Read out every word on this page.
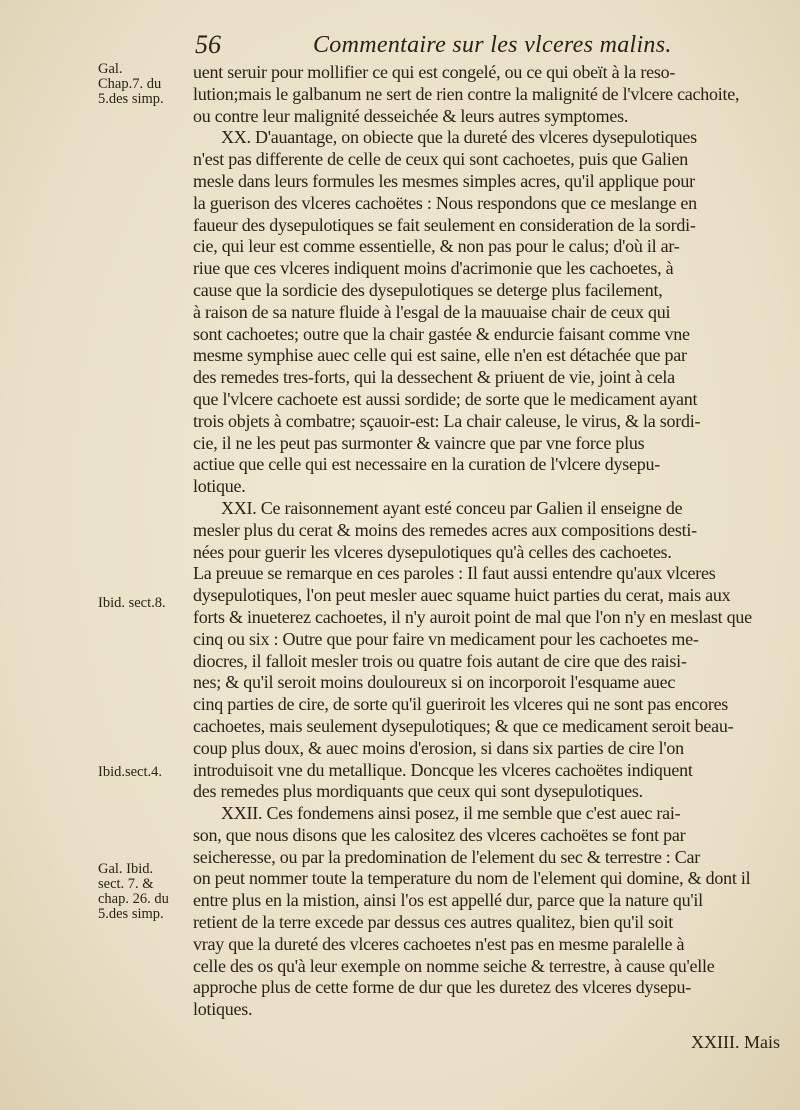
56	Commentaire sur les vlceres malins.
Gal.
Chap.7. du
5.des simp.
Ibid. sect.8.
Ibid.sect.4.
Gal. Ibid.
sect. 7. &
chap. 26. du
5.des simp.
uent seruir pour mollifier ce qui est congelé, ou ce qui obeït à la reso-
lution;mais le galbanum ne sert de rien contre la malignité de l'vlcere cachoite,
ou contre leur malignité desseichée & leurs autres symptomes.
XX. D'auantage, on obiecte que la dureté des vlceres dysepulotiques
n'est pas differente de celle de ceux qui sont cachoetes, puis que Galien
mesle dans leurs formules les mesmes simples acres, qu'il applique pour
la guerison des vlceres cachoëtes : Nous respondons que ce meslange en
faueur des dysepulotiques se fait seulement en consideration de la sordi-
cie, qui leur est comme essentielle, & non pas pour le calus; d'où il ar-
riue que ces vlceres indiquent moins d'acrimonie que les cachoetes, à
cause que la sordicie des dysepulotiques se deterge plus facilement,
à raison de sa nature fluide à l'esgal de la mauuaise chair de ceux qui
sont cachoetes; outre que la chair gastée & endurcie faisant comme vne
mesme symphise auec celle qui est saine, elle n'en est détachée que par
des remedes tres-forts, qui la dessechent & priuent de vie, joint à cela
que l'vlcere cachoete est aussi sordide; de sorte que le medicament ayant
trois objets à combatre; sçauoir-est: La chair caleuse, le virus, & la sordi-
cie, il ne les peut pas surmonter & vaincre que par vne force plus
actiue que celle qui est necessaire en la curation de l'vlcere dysepu-
lotique.
XXI. Ce raisonnement ayant esté conceu par Galien il enseigne de
mesler plus du cerat & moins des remedes acres aux compositions desti-
nées pour guerir les vlceres dysepulotiques qu'à celles des cachoetes.
La preuue se remarque en ces paroles : Il faut aussi entendre qu'aux vlceres
dysepulotiques, l'on peut mesler auec squame huict parties du cerat, mais aux
forts & inueterez cachoetes, il n'y auroit point de mal que l'on n'y en meslast que
cinq ou six : Outre que pour faire vn medicament pour les cachoetes me-
diocres, il falloit mesler trois ou quatre fois autant de cire que des raisi-
nes; & qu'il seroit moins douloureux si on incorporoit l'esquame auec
cinq parties de cire, de sorte qu'il gueriroit les vlceres qui ne sont pas encores
cachoetes, mais seulement dysepulotiques; & que ce medicament seroit beau-
coup plus doux, & auec moins d'erosion, si dans six parties de cire l'on
introduisoit vne du metallique. Doncque les vlceres cachoëtes indiquent
des remedes plus mordiquants que ceux qui sont dysepulotiques.
XXII. Ces fondemens ainsi posez, il me semble que c'est auec rai-
son, que nous disons que les calositez des vlceres cachoëtes se font par
seicheresse, ou par la predomination de l'element du sec & terrestre : Car
on peut nommer toute la temperature du nom de l'element qui domine, & dont il
entre plus en la mistion, ainsi l'os est appellé dur, parce que la nature qu'il
retient de la terre excede par dessus ces autres qualitez, bien qu'il soit
vray que la dureté des vlceres cachoetes n'est pas en mesme paralelle à
celle des os qu'à leur exemple on nomme seiche & terrestre, à cause qu'elle
approche plus de cette forme de dur que les duretez des vlceres dysepu-
lotiques.
XXIII. Mais
